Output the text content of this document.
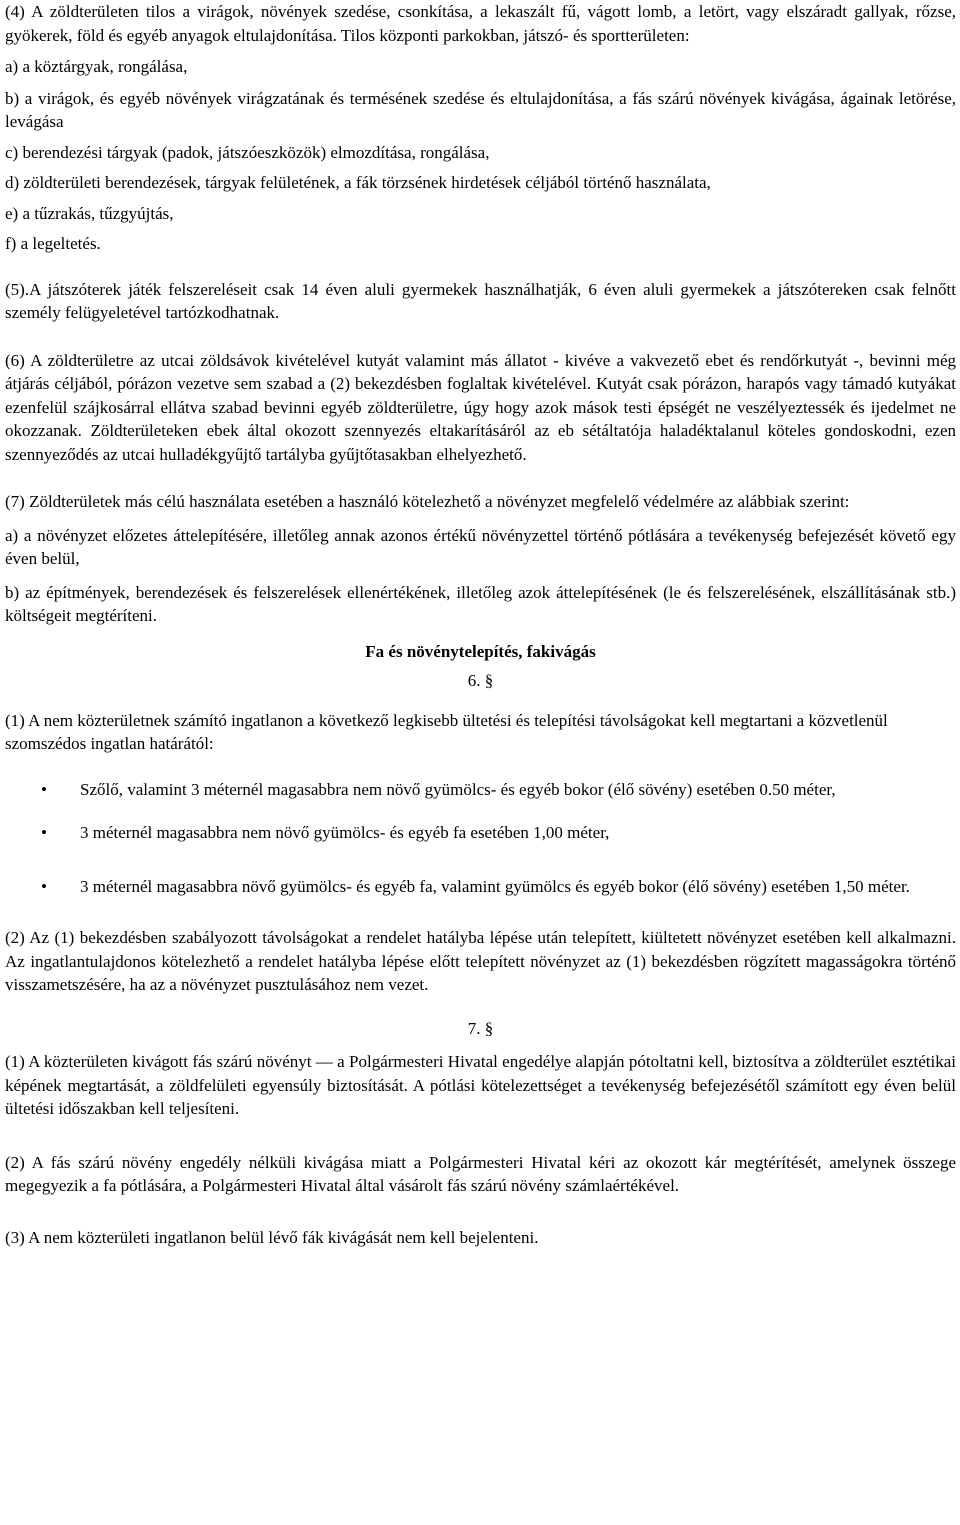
(4) A zöldterületen tilos a virágok, növények szedése, csonkítása, a lekaszált fű, vágott lomb, a letört, vagy elszáradt gallyak, rőzse, gyökerek, föld és egyéb anyagok eltulajdonítása. Tilos központi parkokban, játszó- és sportterületen:

a) a köztárgyak, rongálása,

b) a virágok, és egyéb növények virágzatának és termésének szedése és eltulajdonítása, a fás szárú növények kivágása, ágainak letörése, levágása

c) berendezési tárgyak (padok, játszóeszközök) elmozdítása, rongálása,

d) zöldterületi berendezések, tárgyak felületének, a fák törzsének hirdetések céljából történő használata,

e) a tűzrakás, tűzgyújtás,

f) a legeltetés.

(5).A játszóterek játék felszereléseit csak 14 éven aluli gyermekek használhatják, 6 éven aluli gyermekek a játszótereken csak felnőtt személy felügyeletével tartózkodhatnak.

(6) A zöldterületre az utcai zöldsávok kivételével kutyát valamint más állatot - kivéve a vakvezető ebet és rendőrkutyát -, bevinni még átjárás céljából, pórázon vezetve sem szabad a (2) bekezdésben foglaltak kivételével. Kutyát csak pórázon, harapós vagy támadó kutyákat ezenfelül szájkosárral ellátva szabad bevinni egyéb zöldterületre, úgy hogy azok mások testi épségét ne veszélyeztessék és ijedelmet ne okozzanak. Zöldterületeken ebek által okozott szennyezés eltakarításáról az eb sétáltatója haladéktalanul köteles gondoskodni, ezen szennyeződés az utcai hulladékgyűjtő tartályba gyűjtőtasakban elhelyezhető.

(7) Zöldterületek más célú használata esetében a használó kötelezhető a növényzet megfelelő védelmére az alábbiak szerint:

a) a növényzet előzetes áttelepítésére, illetőleg annak azonos értékű növényzettel történő pótlására a tevékenység befejezését követő egy éven belül,

b) az építmények, berendezések és felszerelések ellenértékének, illetőleg azok áttelepítésének (le és felszerelésének, elszállításának stb.) költségeit megtéríteni.

Fa és növénytelepítés, fakivágás

6. §

(1) A nem közterületnek számító ingatlanon a következő legkisebb ültetési és telepítési távolságokat kell megtartani a közvetlenül szomszédos ingatlan határától:

• Szőlő, valamint 3 méternél magasabbra nem növő gyümölcs- és egyéb bokor (élő sövény) esetében 0.50 méter,
• 3 méternél magasabbra nem növő gyümölcs- és egyéb fa esetében 1,00 méter,
• 3 méternél magasabbra növő gyümölcs- és egyéb fa, valamint gyümölcs és egyéb bokor (élő sövény) esetében 1,50 méter.

(2) Az (1) bekezdésben szabályozott távolságokat a rendelet hatályba lépése után telepített, kiültetett növényzet esetében kell alkalmazni. Az ingatlantulajdonos kötelezhető a rendelet hatályba lépése előtt telepített növényzet az (1) bekezdésben rögzített magasságokra történő visszametszésére, ha az a növényzet pusztulásához nem vezet.

7. §

(1) A közterületen kivágott fás szárú növényt — a Polgármesteri Hivatal engedélye alapján pótoltatni kell, biztosítva a zöldterület esztétikai képének megtartását, a zöldfelületi egyensúly biztosítását. A pótlási kötelezettséget a tevékenység befejezésétől számított egy éven belül ültetési időszakban kell teljesíteni.

(2) A fás szárú növény engedély nélküli kivágása miatt a Polgármesteri Hivatal kéri az okozott kár megtérítését, amelynek összege megegyezik a fa pótlására, a Polgármesteri Hivatal által vásárolt fás szárú növény számlaértékével.

(3) A nem közterületi ingatlanon belül lévő fák kivágását nem kell bejelenteni.
